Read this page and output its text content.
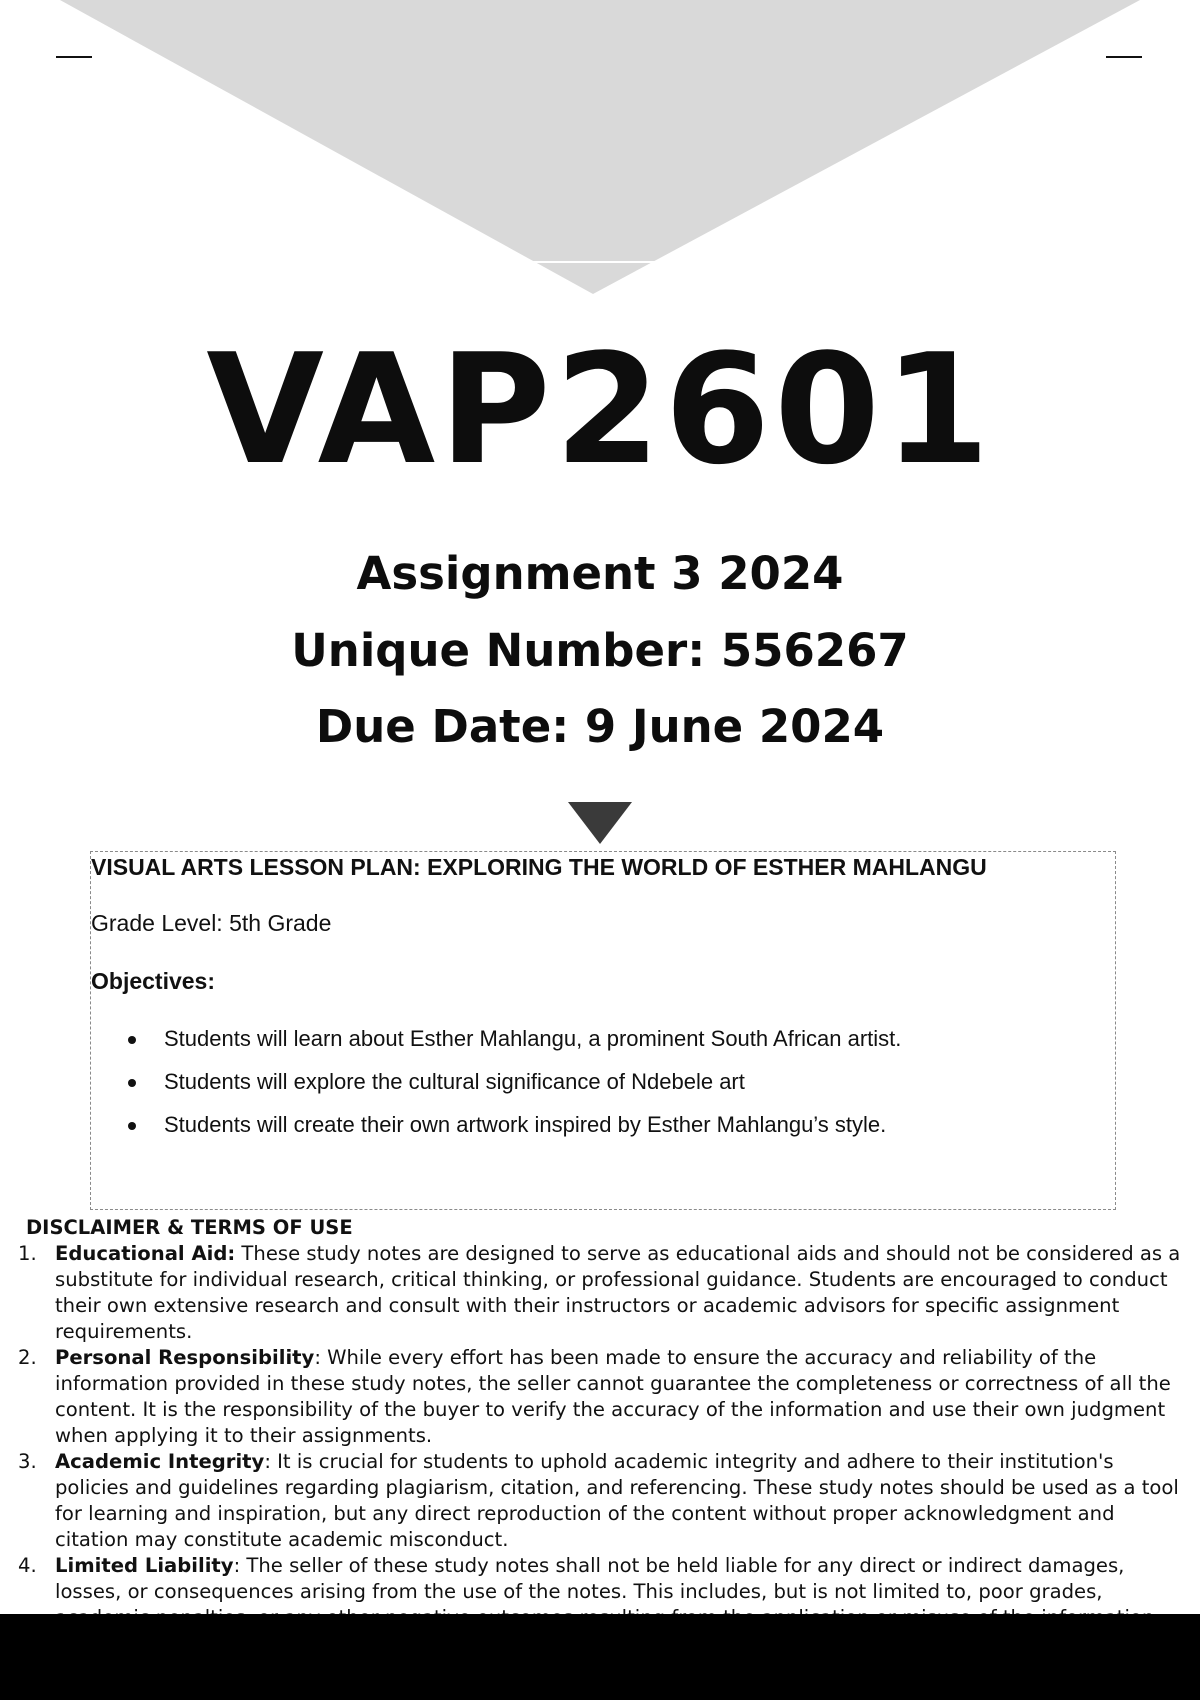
VAP2601
Assignment 3 2024
Unique Number: 556267
Due Date: 9 June 2024
VISUAL ARTS LESSON PLAN: EXPLORING THE WORLD OF ESTHER MAHLANGU
Grade Level: 5th Grade
Objectives:
Students will learn about Esther Mahlangu, a prominent South African artist.
Students will explore the cultural significance of Ndebele art
Students will create their own artwork inspired by Esther Mahlangu’s style.
DISCLAIMER & TERMS OF USE
1. Educational Aid: These study notes are designed to serve as educational aids and should not be considered as a substitute for individual research, critical thinking, or professional guidance. Students are encouraged to conduct their own extensive research and consult with their instructors or academic advisors for specific assignment requirements.
2. Personal Responsibility: While every effort has been made to ensure the accuracy and reliability of the information provided in these study notes, the seller cannot guarantee the completeness or correctness of all the content. It is the responsibility of the buyer to verify the accuracy of the information and use their own judgment when applying it to their assignments.
3. Academic Integrity: It is crucial for students to uphold academic integrity and adhere to their institution's policies and guidelines regarding plagiarism, citation, and referencing. These study notes should be used as a tool for learning and inspiration, but any direct reproduction of the content without proper acknowledgment and citation may constitute academic misconduct.
4. Limited Liability: The seller of these study notes shall not be held liable for any direct or indirect damages, losses, or consequences arising from the use of the notes. This includes, but is not limited to, poor grades,
